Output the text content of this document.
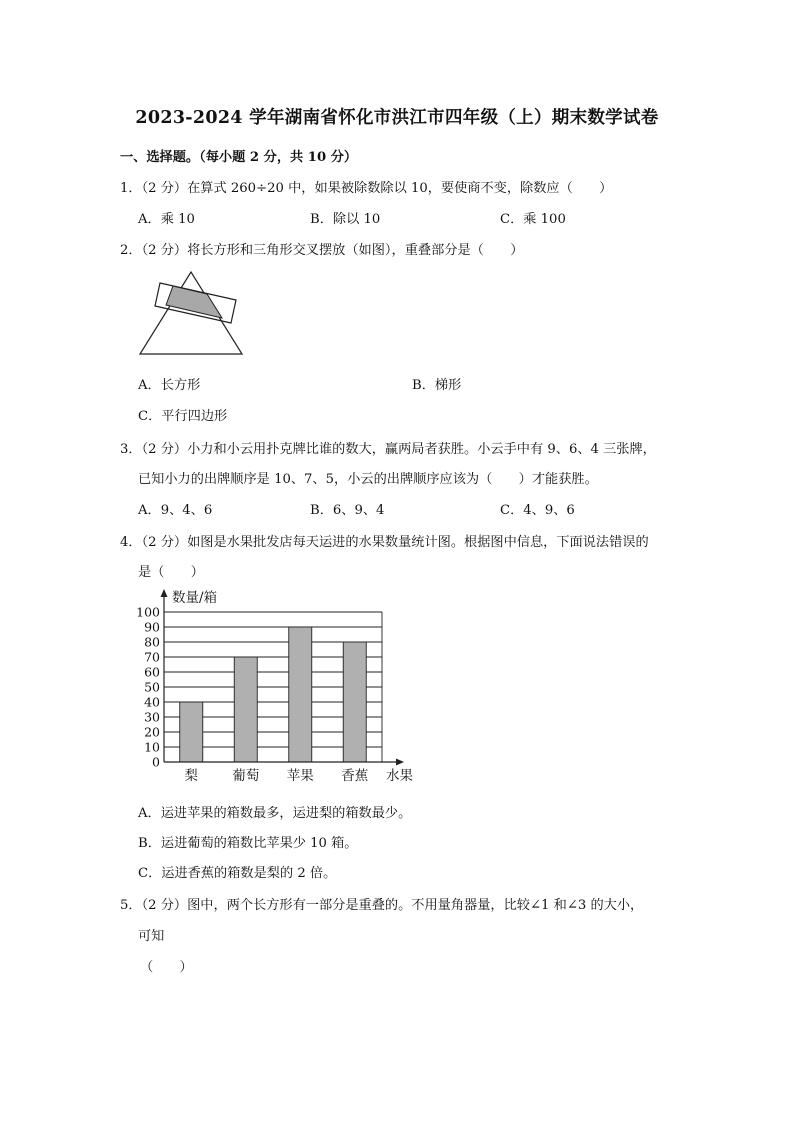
2023-2024 学年湖南省怀化市洪江市四年级（上）期末数学试卷
一、选择题。（每小题 2 分，共 10 分）
1．（2 分）在算式 260÷20 中，如果被除数除以 10，要使商不变，除数应（　　）
A．乘 10	B．除以 10	C．乘 100
2．（2 分）将长方形和三角形交叉摆放（如图），重叠部分是（　　）
A．长方形	B．梯形
C．平行四边形
3．（2 分）小力和小云用扑克牌比谁的数大，赢两局者获胜。小云手中有 9、6、4 三张牌，
已知小力的出牌顺序是 10、7、5，小云的出牌顺序应该为（　　）才能获胜。
A．9、4、6	B．6、9、4	C．4、9、6
4．（2 分）如图是水果批发店每天运进的水果数量统计图。根据图中信息，下面说法错误的
是（　　）
0
10
20
30
40
50
60
70
80
90
100
梨	葡萄 苹果 香蕉
数量/箱
水果
A．运进苹果的箱数最多，运进梨的箱数最少。
B．运进葡萄的箱数比苹果少 10 箱。
C．运进香蕉的箱数是梨的 2 倍。
5．（2 分）图中，两个长方形有一部分是重叠的。不用量角器量，比较∠1 和∠3 的大小，
可知
（　　）
